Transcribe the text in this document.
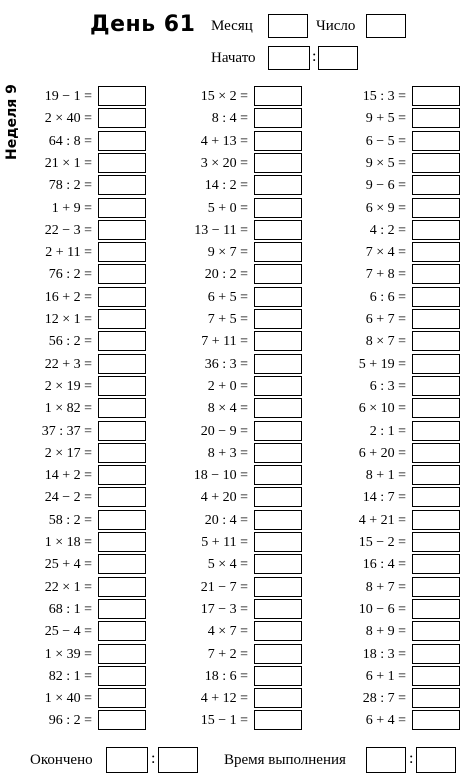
День 61
Неделя 9
Месяц	Число
Начато	:
19 − 1 =
2 × 40 =
64 : 8 =
21 × 1 =
78 : 2 =
1 + 9 =
22 − 3 =
2 + 11 =
76 : 2 =
16 + 2 =
12 × 1 =
56 : 2 =
22 + 3 =
2 × 19 =
1 × 82 =
37 : 37 =
2 × 17 =
14 + 2 =
24 − 2 =
58 : 2 =
1 × 18 =
25 + 4 =
22 × 1 =
68 : 1 =
25 − 4 =
1 × 39 =
82 : 1 =
1 × 40 =
96 : 2 =
15 × 2 =
8 : 4 =
4 + 13 =
3 × 20 =
14 : 2 =
5 + 0 =
13 − 11 =
9 × 7 =
20 : 2 =
6 + 5 =
7 + 5 =
7 + 11 =
36 : 3 =
2 + 0 =
8 × 4 =
20 − 9 =
8 + 3 =
18 − 10 =
4 + 20 =
20 : 4 =
5 + 11 =
5 × 4 =
21 − 7 =
17 − 3 =
4 × 7 =
7 + 2 =
18 : 6 =
4 + 12 =
15 − 1 =
15 : 3 =
9 + 5 =
6 − 5 =
9 × 5 =
9 − 6 =
6 × 9 =
4 : 2 =
7 × 4 =
7 + 8 =
6 : 6 =
6 + 7 =
8 × 7 =
5 + 19 =
6 : 3 =
6 × 10 =
2 : 1 =
6 + 20 =
8 + 1 =
14 : 7 =
4 + 21 =
15 − 2 =
16 : 4 =
8 + 7 =
10 − 6 =
8 + 9 =
18 : 3 =
6 + 1 =
28 : 7 =
6 + 4 =
Окончено	:	Время выполнения	:
